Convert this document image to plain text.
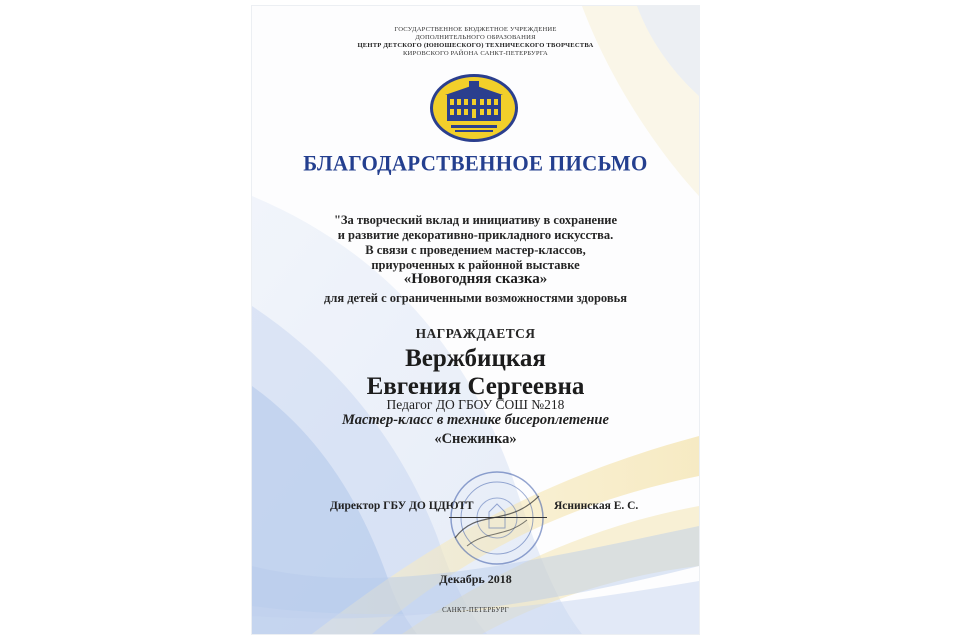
ГОСУДАРСТВЕННОЕ БЮДЖЕТНОЕ УЧРЕЖДЕНИЕ
ДОПОЛНИТЕЛЬНОГО ОБРАЗОВАНИЯ
ЦЕНТР ДЕТСКОГО (ЮНОШЕСКОГО) ТЕХНИЧЕСКОГО ТВОРЧЕСТВА
КИРОВСКОГО РАЙОНА САНКТ-ПЕТЕРБУРГА
БЛАГОДАРСТВЕННОЕ ПИСЬМО
"За творческий вклад и инициативу в сохранение
и развитие декоративно-прикладного искусства.
В связи с проведением мастер-классов,
приуроченных к районной выставке
«Новогодняя сказка»
для детей с ограниченными возможностями здоровья
НАГРАЖДАЕТСЯ
Вержбицкая
Евгения Сергеевна
Педагог ДО ГБОУ СОШ №218
Мастер-класс в технике бисероплетение
«Снежинка»
Директор ГБУ ДО ЦДЮТТ	Яснинская Е. С.
Декабрь 2018
САНКТ-ПЕТЕРБУРГ
